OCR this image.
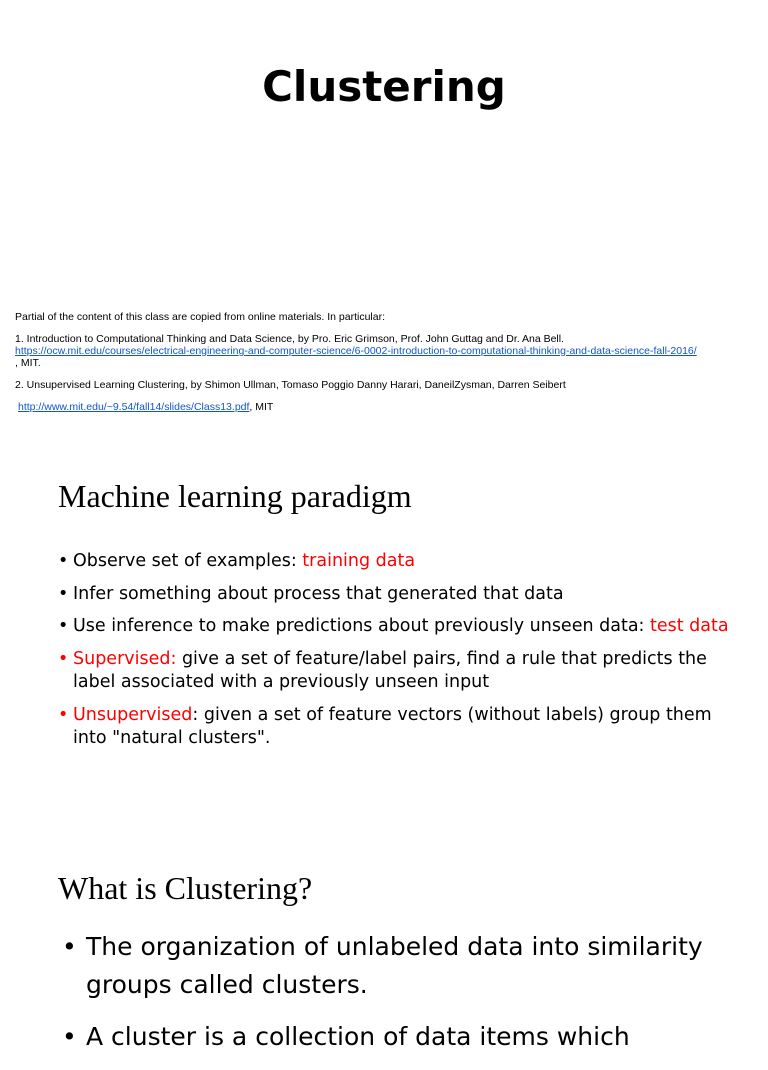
Clustering
Partial of the content of this class are copied from online materials. In particular:
1. Introduction to Computational Thinking and Data Science, by Pro. Eric Grimson, Prof. John Guttag and Dr. Ana Bell.
https://ocw.mit.edu/courses/electrical-engineering-and-computer-science/6-0002-introduction-to-computational-thinking-and-data-science-fall-2016/
, MIT.
2. Unsupervised Learning Clustering, by Shimon Ullman, Tomaso Poggio Danny Harari, DaneilZysman, Darren Seibert
http://www.mit.edu/~9.54/fall14/slides/Class13.pdf, MIT
Machine learning paradigm
• Observe set of examples: training data
• Infer something about process that generated that data
• Use inference to make predictions about previously unseen data: test data
• Supervised: give a set of feature/label pairs, find a rule that predicts the label associated with a previously unseen input
• Unsupervised: given a set of feature vectors (without labels) group them into "natural clusters".
What is Clustering?
• The organization of unlabeled data into similarity groups called clusters.
• A cluster is a collection of data items which
